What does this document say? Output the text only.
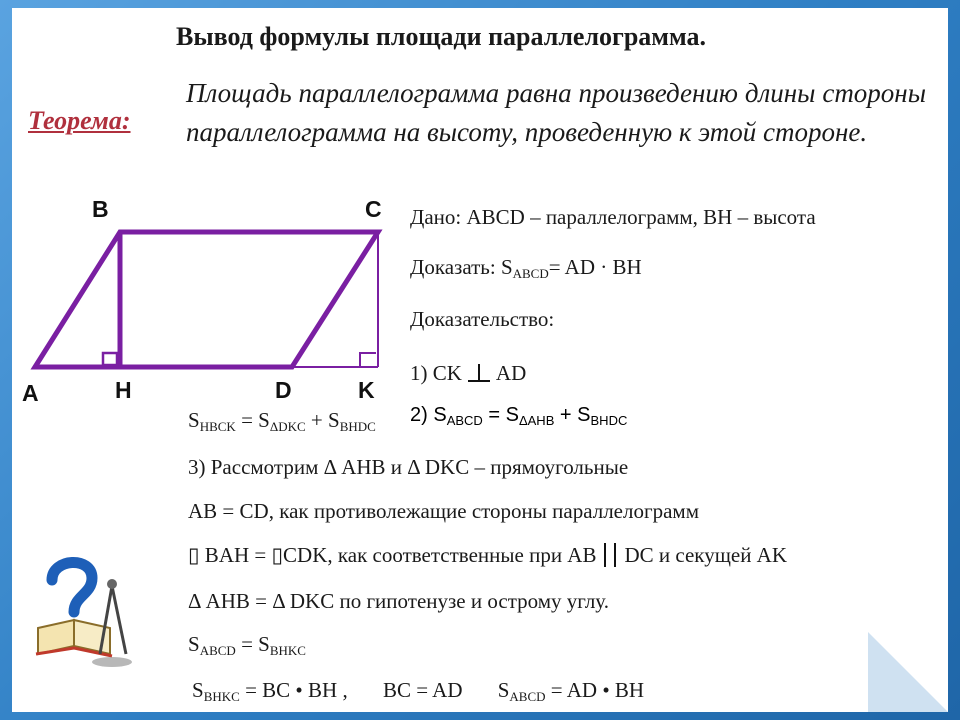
Вывод формулы площади параллелограмма.
Теорема:
Площадь параллелограмма равна произведению длины стороны параллелограмма на высоту, проведенную к этой стороне.
B	C
A	H	D	K
Дано: ABCD – параллелограмм, ВН – высота
Доказать: $S_{ABCD}=$ AD · BH
Доказательство:
1) CK AD
2) $S_{ABCD} = S_{\Delta AHB} + S_{BHDC}$
$S_{HBCK} = S_{\Delta DKC} + S_{BHDC}$
3) Рассмотрим Δ AHB и Δ DKC – прямоугольные
AB = CD, как противолежащие стороны параллелограмм
▯ BAH = ▯CDK, как соответственные при AB DC и секущей AK
Δ AHB = Δ DKC по гипотенузе и острому углу.
$S_{ABCD} = S_{BHKC}$
$S_{BHKC}$ = BC • BH , BC = AD $S_{ABCD}$ = AD • BH
